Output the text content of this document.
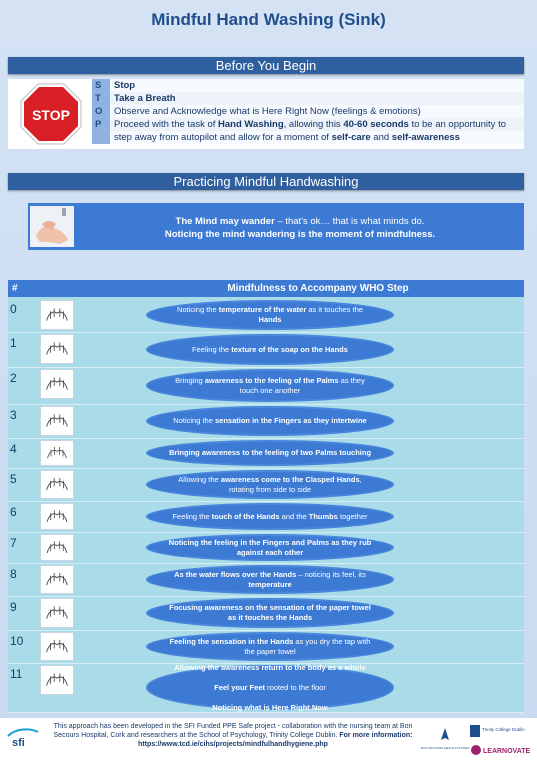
Mindful Hand Washing (Sink)
Before You Begin
STOP
S	Stop
T	Take a Breath
O	Observe and Acknowledge what is Here Right Now (feelings & emotions)
P	Proceed with the task of Hand Washing, allowing this 40-60 seconds to be an opportunity to
step away from autopilot and allow for a moment of self-care and self-awareness
Practicing Mindful Handwashing
The Mind may wander – that's ok… that is what minds do.
Noticing the mind wandering is the moment of mindfulness.
#	Mindfulness to Accompany WHO Step
0	Noticing the temperature of the water as it touches the Hands
1	Feeling the texture of the soap on the Hands
2	Bringing awareness to the feeling of the Palms as they touch one another
3	Noticing the sensation in the Fingers as they intertwine
4	Bringing awareness to the feeling of two Palms touching
5	Allowing the awareness come to the Clasped Hands, rotating from side to side
6	Feeling the touch of the Hands and the Thumbs together
7	Noticing the feeling in the Fingers and Palms as they rub against each other
8	As the water flows over the Hands – noticing its feel, its temperature
9	Focusing awareness on the sensation of the paper towel as it touches the Hands
10	Feeling the sensation in the Hands as you dry the tap with the paper towel
11	Allowing the awareness return to the body as a whole

Feel your Feet rooted to the floor

Noticing what is Here Right Now
sfi
This approach has been developed in the SFI Funded PPE Safe project - collaboration with the nursing team at Bon Secours Hospital, Cork and researchers at the School of Psychology, Trinity College Dublin. For more information: https://www.tcd.ie/cihs/projects/mindfulhandhygiene.php	BON SECOURS HEALTH SYSTEM
Trinity College Dublin
LEARNOVATE
